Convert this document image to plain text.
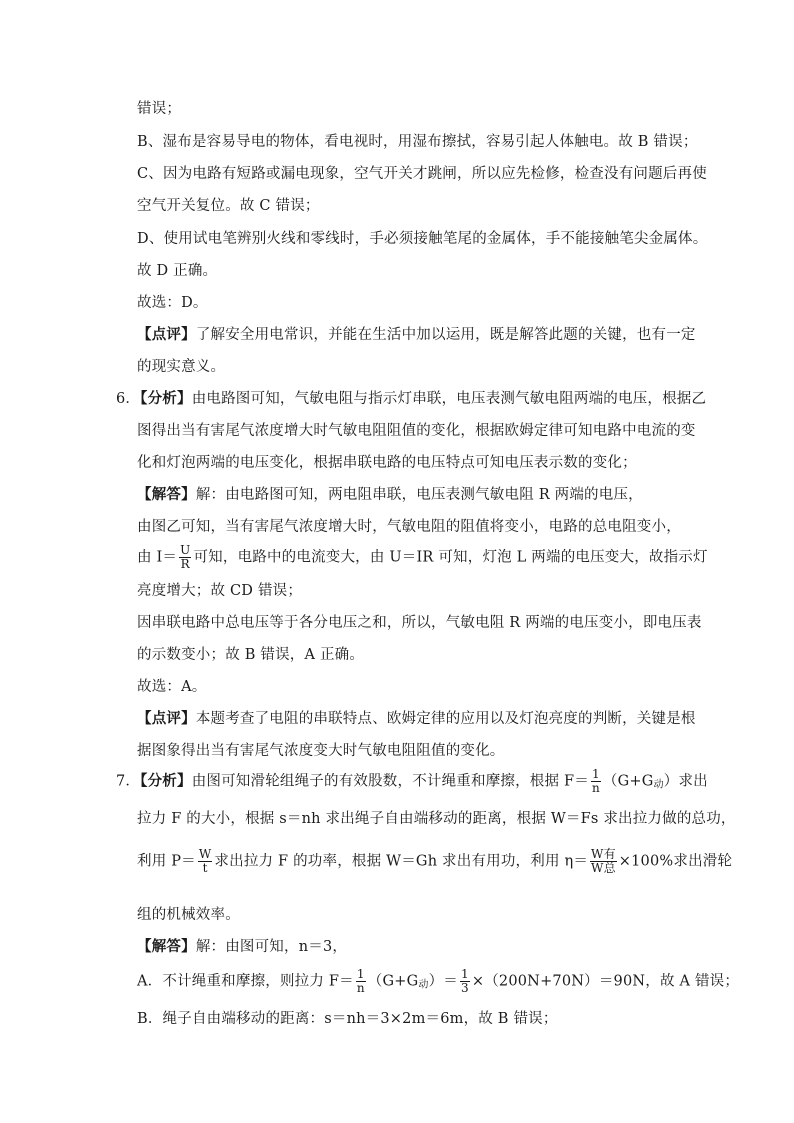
错误；
B、湿布是容易导电的物体，看电视时，用湿布擦拭，容易引起人体触电。故 B 错误；
C、因为电路有短路或漏电现象，空气开关才跳闸，所以应先检修，检查没有问题后再使
空气开关复位。故 C 错误；
D、使用试电笔辨别火线和零线时，手必须接触笔尾的金属体，手不能接触笔尖金属体。
故 D 正确。
故选：D。
【点评】了解安全用电常识，并能在生活中加以运用，既是解答此题的关键，也有一定
的现实意义。
6．【分析】由电路图可知，气敏电阻与指示灯串联，电压表测气敏电阻两端的电压，根据乙
图得出当有害尾气浓度增大时气敏电阻阻值的变化，根据欧姆定律可知电路中电流的变
化和灯泡两端的电压变化，根据串联电路的电压特点可知电压表示数的变化；
【解答】解：由电路图可知，两电阻串联，电压表测气敏电阻 R 两端的电压，
由图乙可知，当有害尾气浓度增大时，气敏电阻的阻值将变小，电路的总电阻变小，
由 $I= \frac{U}{R}$ 可知，电路中的电流变大，由 U＝IR 可知，灯泡 L 两端的电压变大，故指示灯
亮度增大；故 CD 错误；
因串联电路中总电压等于各分电压之和，所以，气敏电阻 R 两端的电压变小，即电压表
的示数变小；故 B 错误，A 正确。
故选：A。
【点评】本题考查了电阻的串联特点、欧姆定律的应用以及灯泡亮度的判断，关键是根
据图象得出当有害尾气浓度变大时气敏电阻阻值的变化。
7．【分析】由图可知滑轮组绳子的有效股数，不计绳重和摩擦，根据 $F= \frac{1}{n} (G+G_动)$求出
拉力 F 的大小，根据 s＝nh 求出绳子自由端移动的距离，根据 W＝Fs 求出拉力做的总功，
利用 $P= \frac{W}{t}$ 求出拉力 F 的功率，根据 W＝Gh 求出有用功，利用 $\eta= \frac{\text{W有}}{\text{W总}} \times 100\%$求出滑轮
组的机械效率。
【解答】解：由图可知，n＝3，
A．不计绳重和摩擦，则拉力 $F= \frac{1}{n} (G+G_动)= \frac{1}{3} \times(200N+70N)=90N$，故 A 错误；
B．绳子自由端移动的距离：s＝nh＝3×2m＝6m，故 B 错误；
